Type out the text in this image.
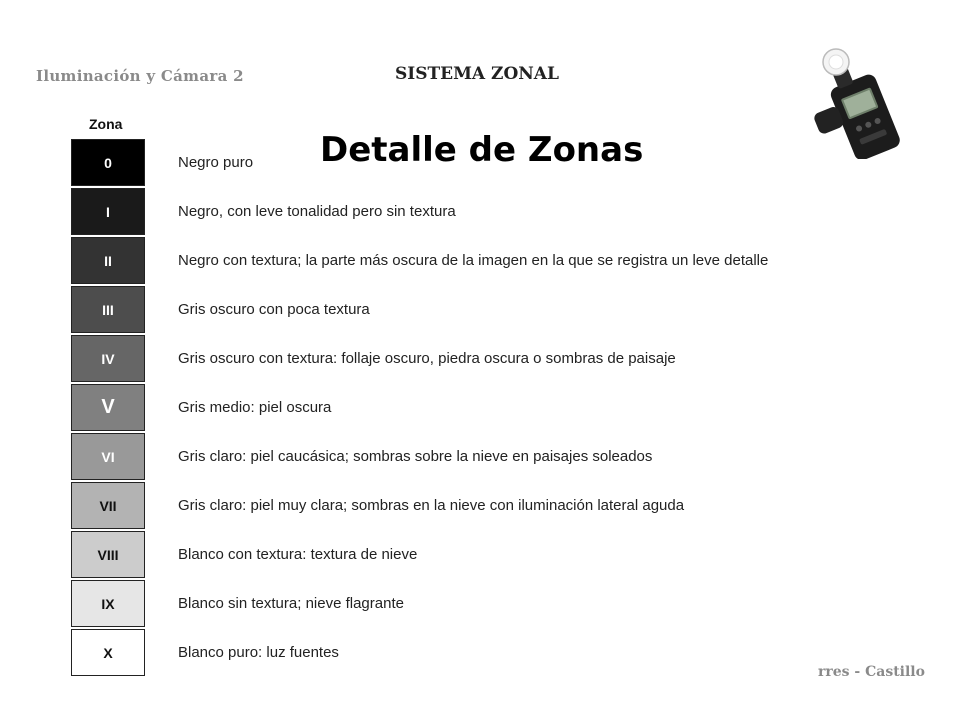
Iluminación y Cámara 2	SISTEMA ZONAL
Detalle de Zonas
Zona
0	Negro puro
I	Negro, con leve tonalidad pero sin textura
II	Negro con textura; la parte más oscura de la imagen en la que se registra un leve detalle
III	Gris oscuro con poca textura
IV	Gris oscuro con textura: follaje oscuro, piedra oscura o sombras de paisaje
V	Gris medio: piel oscura
VI	Gris claro: piel caucásica; sombras sobre la nieve en paisajes soleados
VII	Gris claro: piel muy clara; sombras en la nieve con iluminación lateral aguda
VIII	Blanco con textura: textura de nieve
IX	Blanco sin textura; nieve flagrante
X	Blanco puro: luz fuentes
rres - Castillo
